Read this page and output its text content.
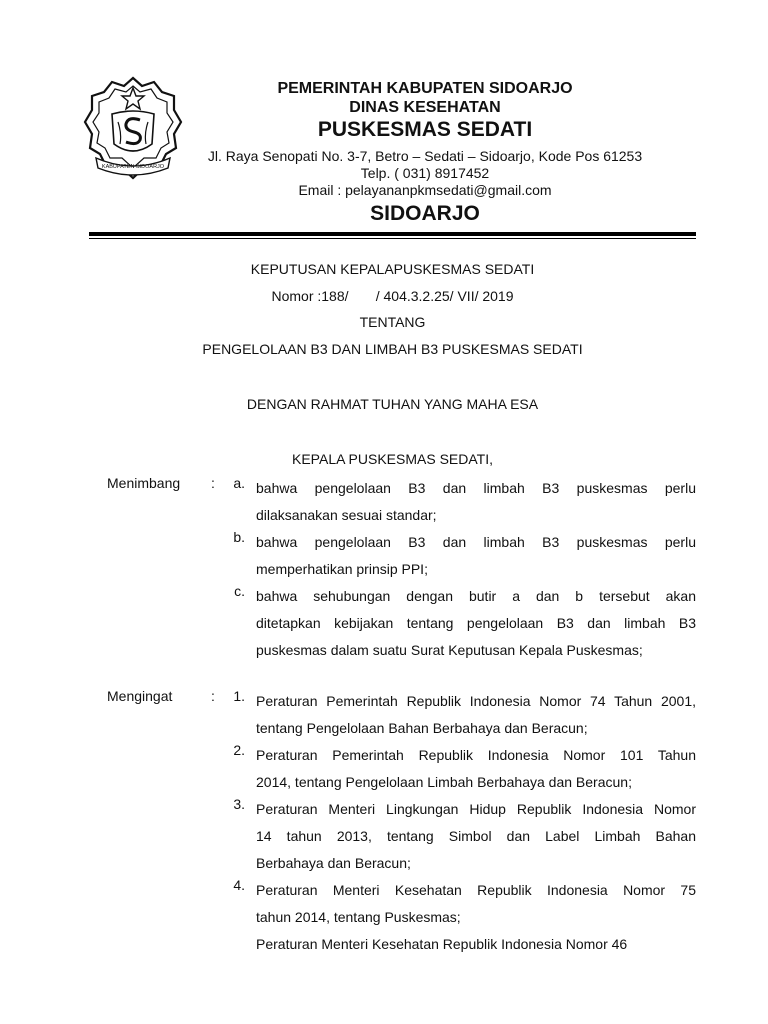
KABUPATEN SIDOARJO
PEMERINTAH KABUPATEN SIDOARJO
DINAS KESEHATAN
PUSKESMAS SEDATI
Jl. Raya Senopati No. 3-7, Betro – Sedati – Sidoarjo, Kode Pos 61253
Telp. ( 031) 8917452
Email : pelayananpkmsedati@gmail.com
SIDOARJO
KEPUTUSAN KEPALAPUSKESMAS SEDATI
Nomor :188/       / 404.3.2.25/ VII/ 2019
TENTANG
PENGELOLAAN B3 DAN LIMBAH B3 PUSKESMAS SEDATI
DENGAN RAHMAT TUHAN YANG MAHA ESA
KEPALA PUSKESMAS SEDATI,
Menimbang :	a. bahwa pengelolaan B3 dan limbah B3 puskesmas perlu
dilaksanakan sesuai standar;
b. bahwa pengelolaan B3 dan limbah B3 puskesmas perlu
memperhatikan prinsip PPI;
c. bahwa sehubungan dengan butir a dan b tersebut akan
ditetapkan kebijakan tentang pengelolaan B3 dan limbah B3
puskesmas dalam suatu Surat Keputusan Kepala Puskesmas;
Mengingat	:	1. Peraturan Pemerintah Republik Indonesia Nomor 74 Tahun 2001,
tentang Pengelolaan Bahan Berbahaya dan Beracun;
2. Peraturan Pemerintah Republik Indonesia Nomor 101 Tahun
2014, tentang Pengelolaan Limbah Berbahaya dan Beracun;
3. Peraturan Menteri Lingkungan Hidup Republik Indonesia Nomor
14 tahun 2013, tentang Simbol dan Label Limbah Bahan
Berbahaya dan Beracun;
4. Peraturan Menteri Kesehatan Republik Indonesia Nomor 75
tahun 2014, tentang Puskesmas;
Peraturan Menteri Kesehatan Republik Indonesia Nomor 46
